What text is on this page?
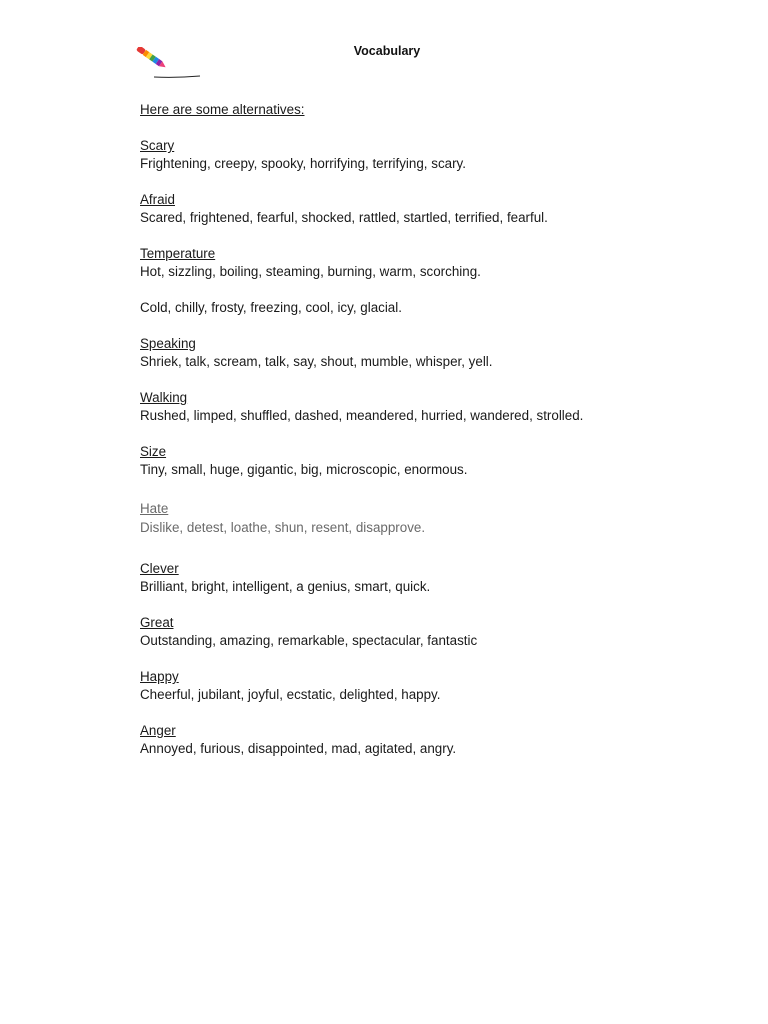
Vocabulary
Here are some alternatives:
Scary
Frightening, creepy, spooky, horrifying, terrifying, scary.
Afraid
Scared, frightened, fearful, shocked, rattled, startled, terrified, fearful.
Temperature
Hot, sizzling, boiling, steaming, burning, warm, scorching.
Cold, chilly, frosty, freezing, cool, icy, glacial.
Speaking
Shriek, talk, scream, talk, say, shout, mumble, whisper, yell.
Walking
Rushed, limped, shuffled, dashed, meandered, hurried, wandered, strolled.
Size
Tiny, small, huge, gigantic, big, microscopic, enormous.
Hate
Dislike, detest, loathe, shun, resent, disapprove.
Clever
Brilliant, bright, intelligent, a genius, smart, quick.
Great
Outstanding, amazing, remarkable, spectacular, fantastic
Happy
Cheerful, jubilant, joyful, ecstatic, delighted, happy.
Anger
Annoyed, furious, disappointed, mad, agitated, angry.
